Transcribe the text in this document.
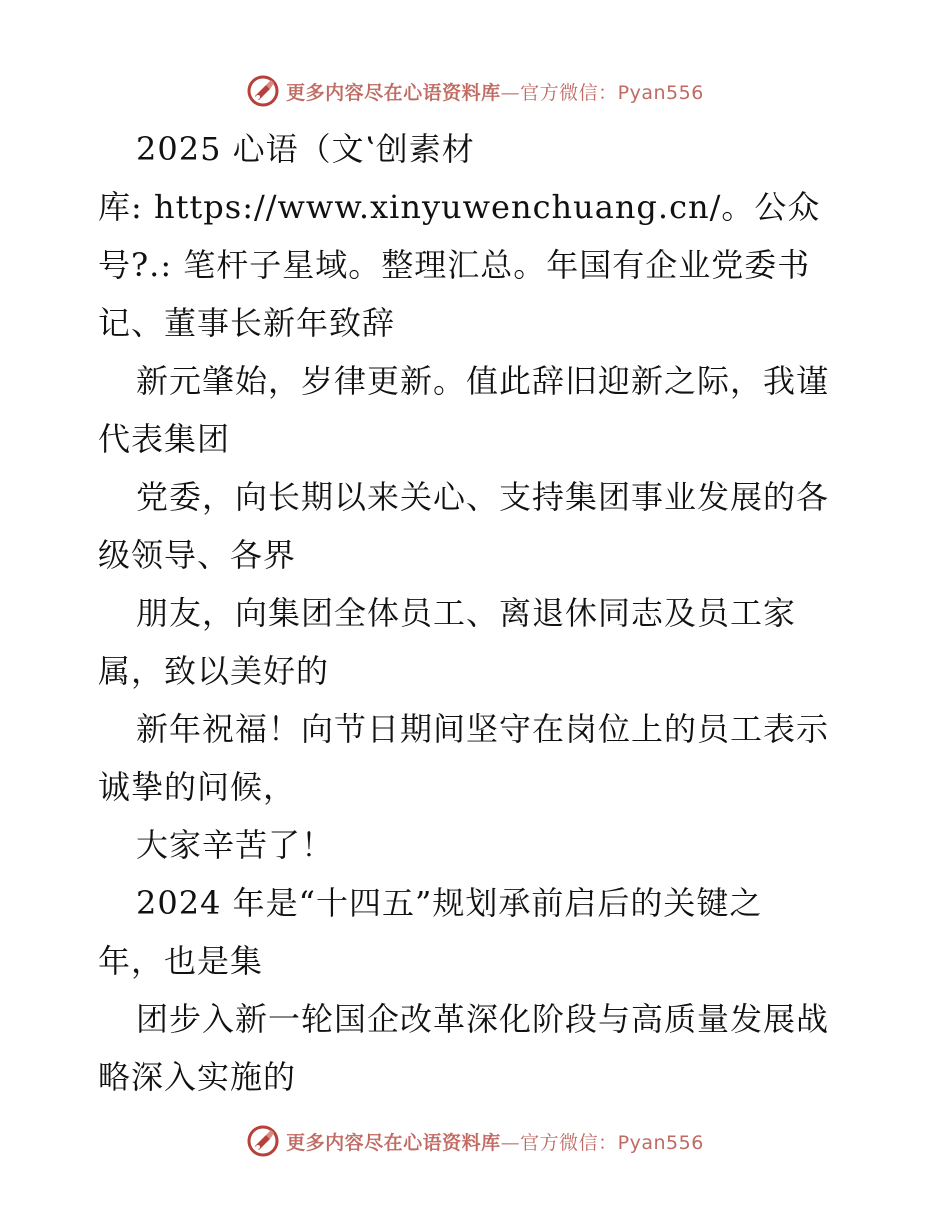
更多内容尽在心语资料库—官方微信：Pyan556
2025 心语（文ʽ创素材
库: https://www.xinyuwenchuang.cn/。公众
号?.: 笔杆子星域。整理汇总。年国有企业党委书
记、董事长新年致辞
新元肇始，岁律更新。值此辞旧迎新之际，我谨
代表集团
党委，向长期以来关心、支持集团事业发展的各
级领导、各界
朋友，向集团全体员工、离退休同志及员工家
属，致以美好的
新年祝福！向节日期间坚守在岗位上的员工表示
诚挚的问候，
大家辛苦了！
2024 年是“十四五”规划承前启后的关键之
年，也是集
团步入新一轮国企改革深化阶段与高质量发展战
略深入实施的
更多内容尽在心语资料库—官方微信：Pyan556
